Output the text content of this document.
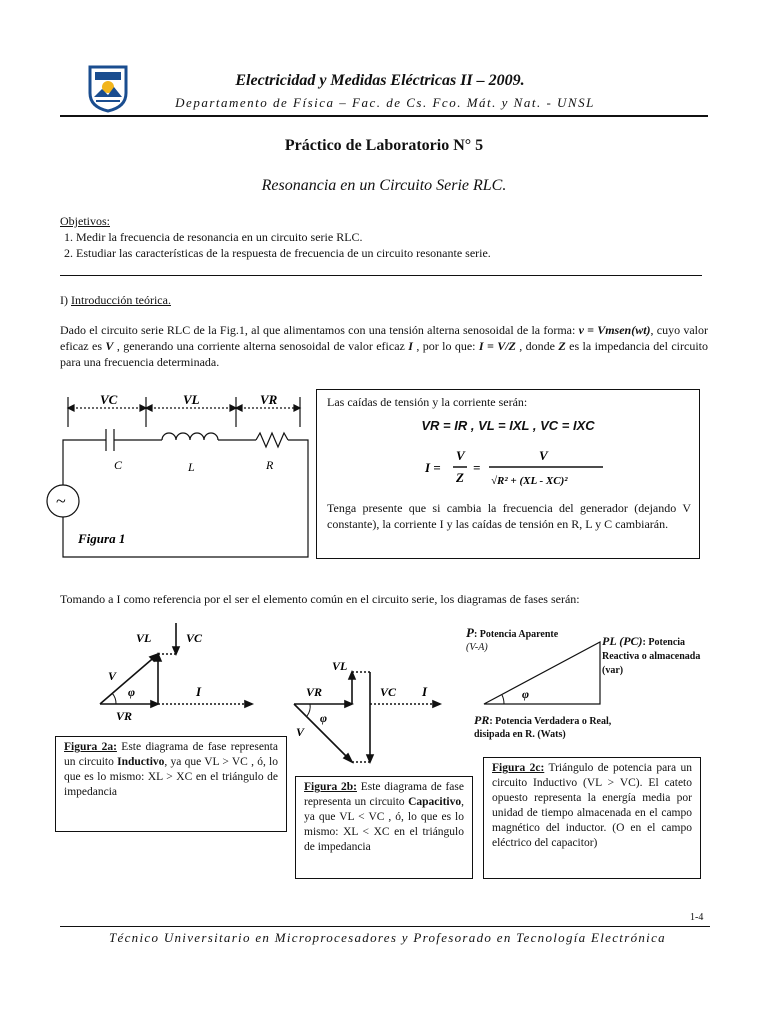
Electricidad y Medidas Eléctricas II – 2009.
Departamento de Física – Fac. de Cs. Fco. Mát. y Nat. - UNSL
Práctico de Laboratorio N° 5
Resonancia en un Circuito Serie RLC.
Objetivos:
1. Medir la frecuencia de resonancia en un circuito serie RLC.
2. Estudiar las características de la respuesta de frecuencia de un circuito resonante serie.
I) Introducción teórica.
Dado el circuito serie RLC de la Fig.1, al que alimentamos con una tensión alterna senosoidal de la forma: v = Vmsen(wt), cuyo valor eficaz es V , generando una corriente alterna senosoidal de valor eficaz I , por lo que: I = V/Z , donde Z es la impedancia del circuito para una frecuencia determinada.
VC	VL	VR
C	L	R
~
Figura 1
Las caídas de tensión y la corriente serán:
VR = IR , VL = IXL , VC = IXC
I =
V
Z
=
V
√R² + (XL - XC)²
Tenga presente que si cambia la frecuencia del generador (dejando V constante), la corriente I y las caídas de tensión en R, L y C cambiarán.
Tomando a I como referencia por el ser el elemento común en el circuito serie, los diagramas de fases serán:
VL	VC
V
φ	I
VR
Figura 2a: Este diagrama de fase representa un circuito Inductivo, ya que VL > VC , ó, lo que es lo mismo: XL > XC en el triángulo de impedancia
VL
VR	VC I
φ
V
Figura 2b: Este diagrama de fase representa un circuito Capacitivo, ya que VL < VC , ó, lo que es lo mismo: XL < XC en el triángulo de impedancia
φ
P: Potencia Aparente
(V-A)	PL (PC): Potencia Reactiva o almacenada (var)
PR: Potencia Verdadera o Real, disipada en R. (Wats)
Figura 2c: Triángulo de potencia para un circuito Inductivo (VL > VC). El cateto opuesto representa la energía media por unidad de tiempo almacenada en el campo magnético del inductor. (O en el campo eléctrico del capacitor)
1-4
Técnico Universitario en Microprocesadores y Profesorado en Tecnología Electrónica
